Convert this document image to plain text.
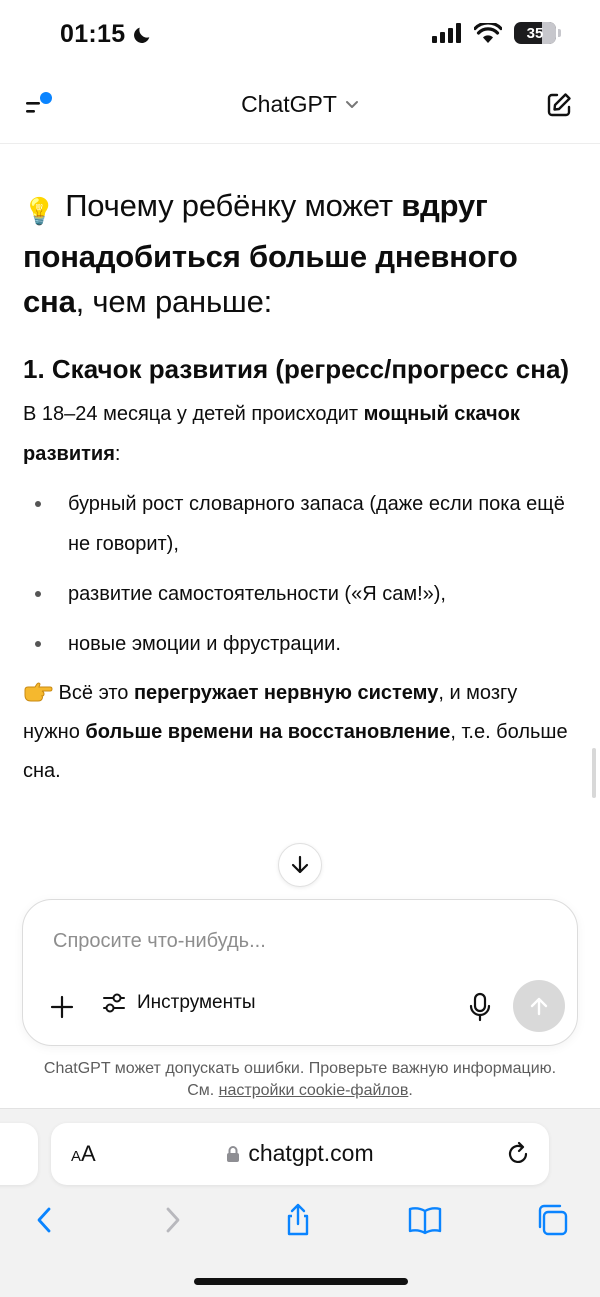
01:15	35
ChatGPT
💡 Почему ребёнку может вдруг понадобиться больше дневного сна, чем раньше:
1. Скачок развития (регресс/прогресс сна)
В 18–24 месяца у детей происходит мощный скачок развития:
бурный рост словарного запаса (даже если пока ещё не говорит),
развитие самостоятельности («Я сам!»),
новые эмоции и фрустрации.
Всё это перегружает нервную систему, и мозгу нужно больше времени на восстановление, т.е. больше сна.
Спросите что-нибудь...
Инструменты
ChatGPT может допускать ошибки. Проверьте важную информацию.
См. настройки cookie-файлов.
AA	chatgpt.com
